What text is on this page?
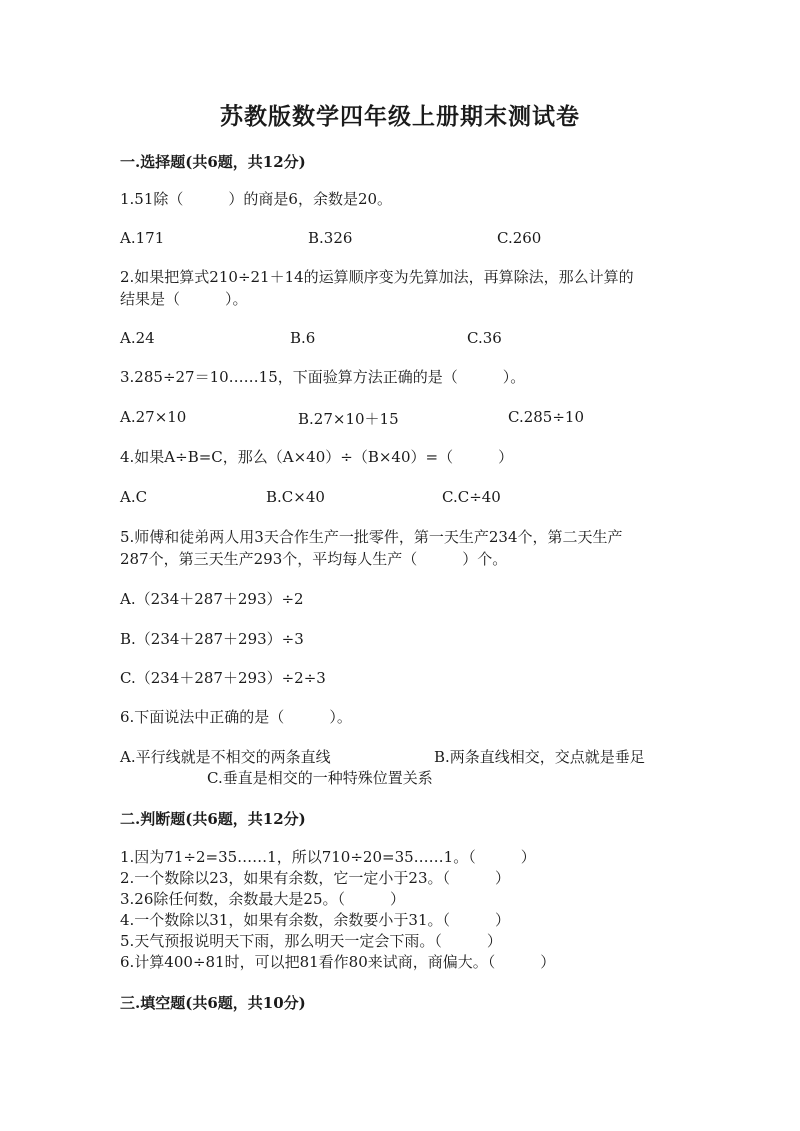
苏教版数学四年级上册期末测试卷
一.选择题(共6题，共12分)
1.51除（　　　）的商是6，余数是20。
A.171	B.326	C.260
2.如果把算式210÷21＋14的运算顺序变为先算加法，再算除法，那么计算的
结果是（　　　）。
A.24	B.6	C.36
3.285÷27＝10……15，下面验算方法正确的是（　　　）。
A.27×10	B.27×10＋15	C.285÷10
4.如果A÷B=C，那么（A×40）÷（B×40）=（　　　）
A.C	B.C×40	C.C÷40
5.师傅和徒弟两人用3天合作生产一批零件，第一天生产234个，第二天生产
287个，第三天生产293个，平均每人生产（　　　）个。
A.（234＋287＋293）÷2
B.（234＋287＋293）÷3
C.（234＋287＋293）÷2÷3
6.下面说法中正确的是（　　　）。
A.平行线就是不相交的两条直线	B.两条直线相交，交点就是垂足
C.垂直是相交的一种特殊位置关系
二.判断题(共6题，共12分)
1.因为71÷2=35……1，所以710÷20=35……1。（　　　）
2.一个数除以23，如果有余数，它一定小于23。（　　　）
3.26除任何数，余数最大是25。（　　　）
4.一个数除以31，如果有余数，余数要小于31。（　　　）
5.天气预报说明天下雨，那么明天一定会下雨。（　　　）
6.计算400÷81时，可以把81看作80来试商，商偏大。（　　　）
三.填空题(共6题，共10分)
